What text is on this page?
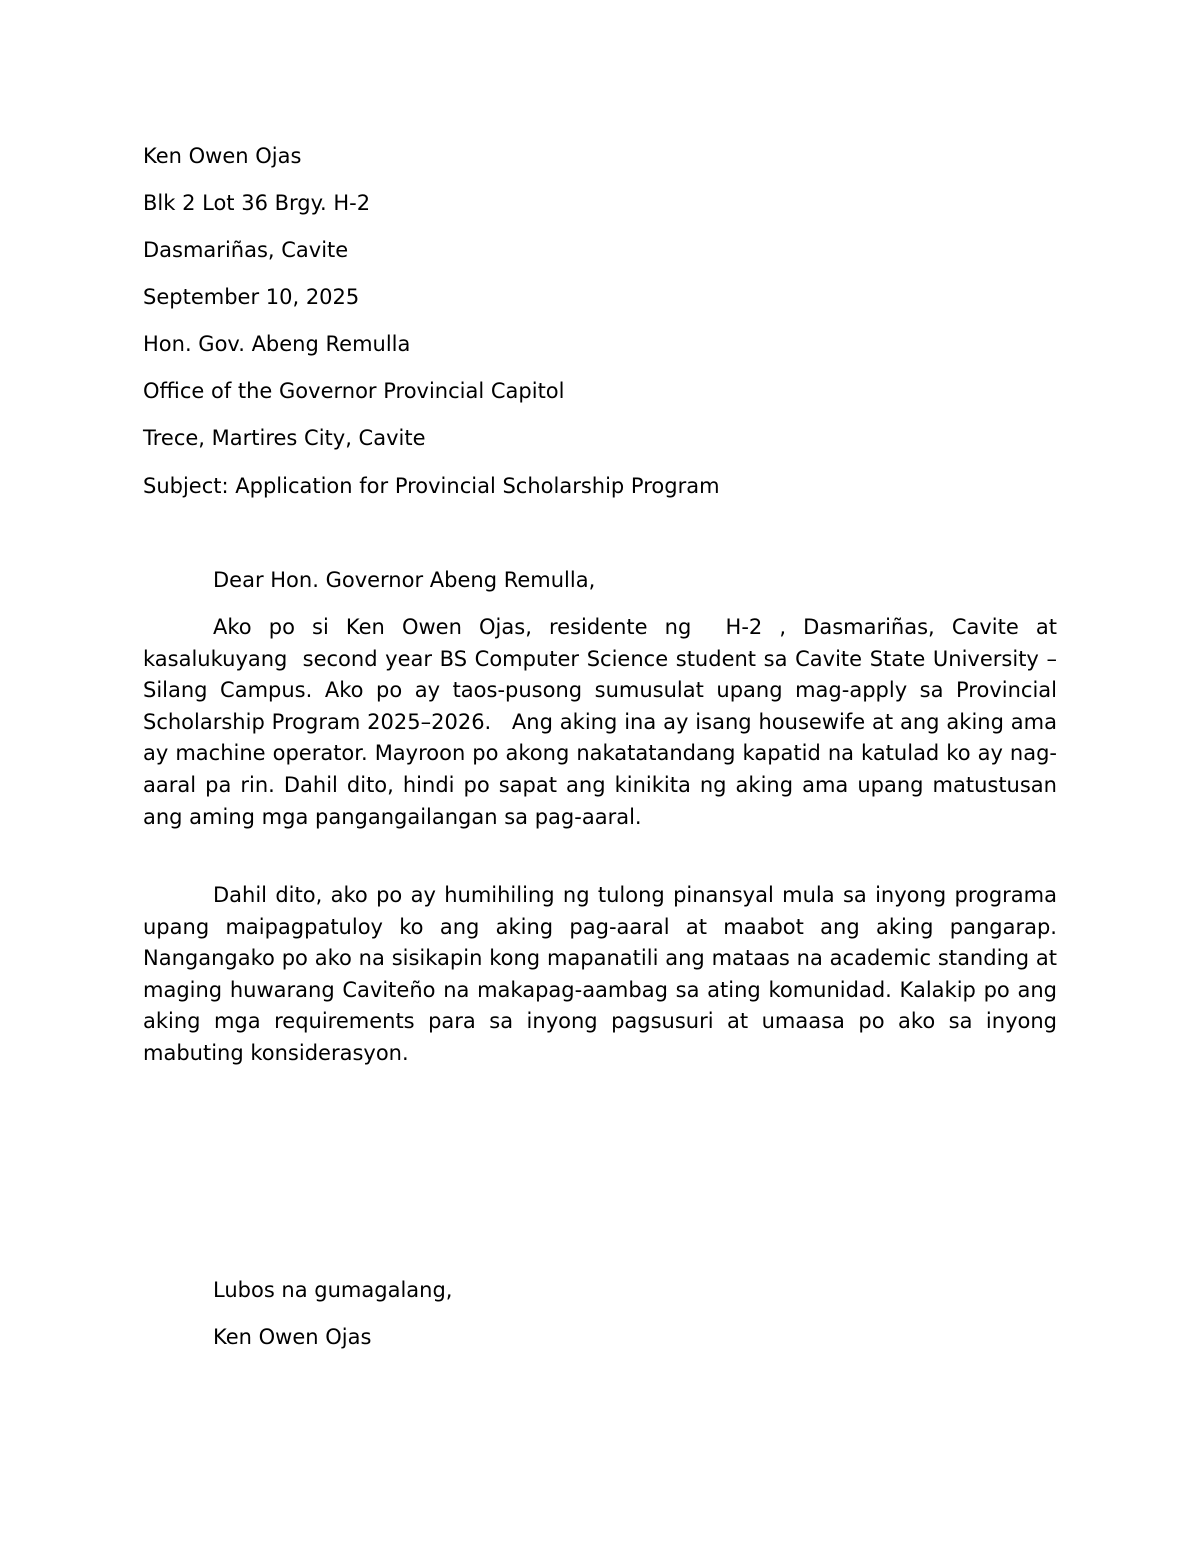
Ken Owen Ojas
Blk 2 Lot 36 Brgy. H-2
Dasmariñas, Cavite
September 10, 2025
Hon. Gov. Abeng Remulla
Office of the Governor Provincial Capitol
Trece, Martires City, Cavite
Subject: Application for Provincial Scholarship Program
Dear Hon. Governor Abeng Remulla,

Ako po si Ken Owen Ojas, residente ng  H-2 , Dasmariñas, Cavite at kasalukuyang  second year BS Computer Science student sa Cavite State University – Silang Campus. Ako po ay taos-pusong sumusulat upang mag-apply sa Provincial Scholarship Program 2025–2026.   Ang aking ina ay isang housewife at ang aking ama ay machine operator. Mayroon po akong nakatatandang kapatid na katulad ko ay nag-aaral pa rin. Dahil dito, hindi po sapat ang kinikita ng aking ama upang matustusan ang aming mga pangangailangan sa pag-aaral.

Dahil dito, ako po ay humihiling ng tulong pinansyal mula sa inyong programa upang maipagpatuloy ko ang aking pag-aaral at maabot ang aking pangarap. Nangangako po ako na sisikapin kong mapanatili ang mataas na academic standing at maging huwarang Caviteño na makapag-aambag sa ating komunidad. Kalakip po ang aking mga requirements para sa inyong pagsusuri at umaasa po ako sa inyong mabuting konsiderasyon.

Lubos na gumagalang,
Ken Owen Ojas
